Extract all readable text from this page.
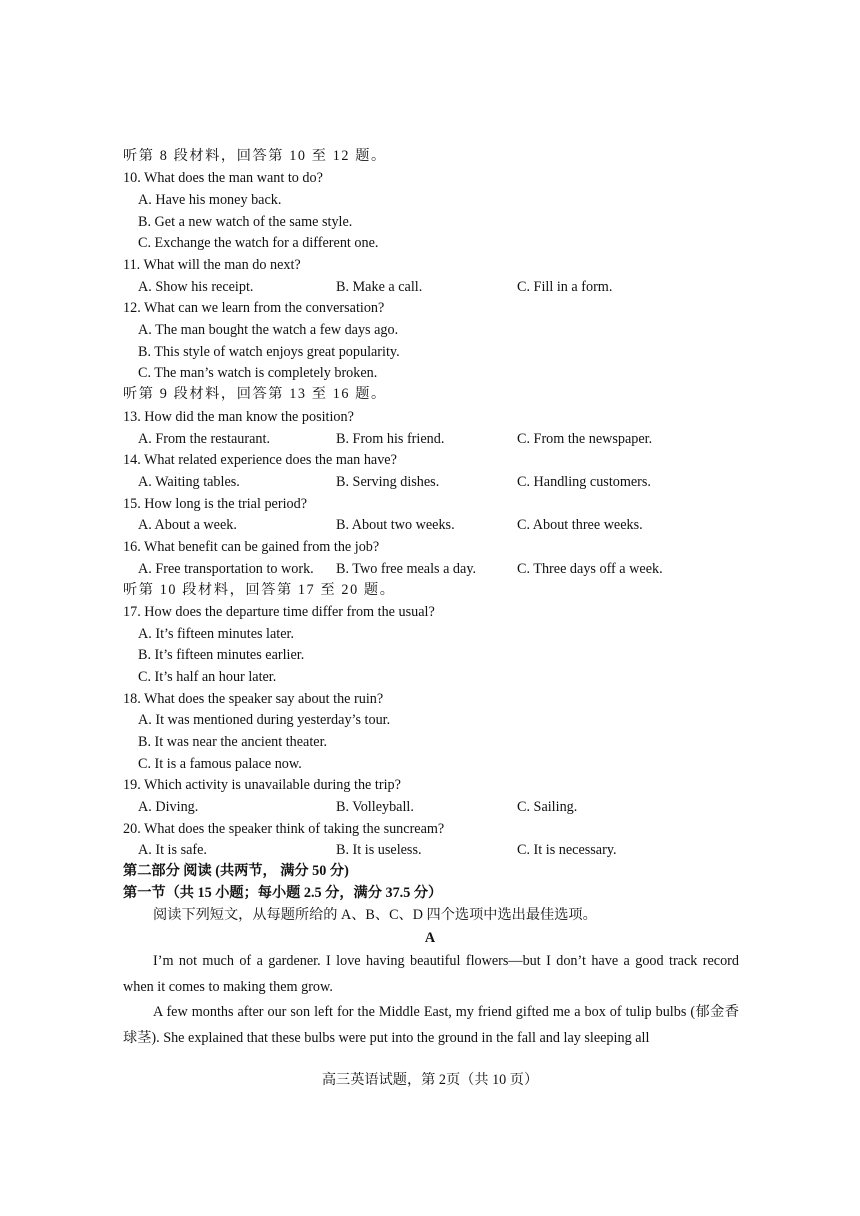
听第 8 段材料，回答第 10 至 12 题。
10. What does the man want to do?
A. Have his money back.
B. Get a new watch of the same style.
C. Exchange the watch for a different one.
11. What will the man do next?
A. Show his receipt.	B. Make a call.	C. Fill in a form.
12. What can we learn from the conversation?
A. The man bought the watch a few days ago.
B. This style of watch enjoys great popularity.
C. The man’s watch is completely broken.
听第 9 段材料，回答第 13 至 16 题。
13. How did the man know the position?
A. From the restaurant.	B. From his friend.	C. From the newspaper.
14. What related experience does the man have?
A. Waiting tables.	B. Serving dishes.	C. Handling customers.
15. How long is the trial period?
A. About a week.	B. About two weeks.	C. About three weeks.
16. What benefit can be gained from the job?
A. Free transportation to work. B. Two free meals a day.	C. Three days off a week.
听第 10 段材料，回答第 17 至 20 题。
17. How does the departure time differ from the usual?
A. It’s fifteen minutes later.
B. It’s fifteen minutes earlier.
C. It’s half an hour later.
18. What does the speaker say about the ruin?
A. It was mentioned during yesterday’s tour.
B. It was near the ancient theater.
C. It is a famous palace now.
19. Which activity is unavailable during the trip?
A. Diving.	B. Volleyball.	C. Sailing.
20. What does the speaker think of taking the suncream?
A. It is safe.	B. It is useless.	C. It is necessary.
第二部分 阅读 (共两节， 满分 50 分)
第一节（共 15 小题；每小题 2.5 分，满分 37.5 分）
阅读下列短文，从每题所给的 A、B、C、D 四个选项中选出最佳选项。
A

I’m not much of a gardener. I love having beautiful flowers—but I don’t have a good track record when it comes to making them grow.

A few months after our son left for the Middle East, my friend gifted me a box of tulip bulbs (郁金香球茎). She explained that these bulbs were put into the ground in the fall and lay sleeping all

高三英语试题，第 2页（共 10 页）
